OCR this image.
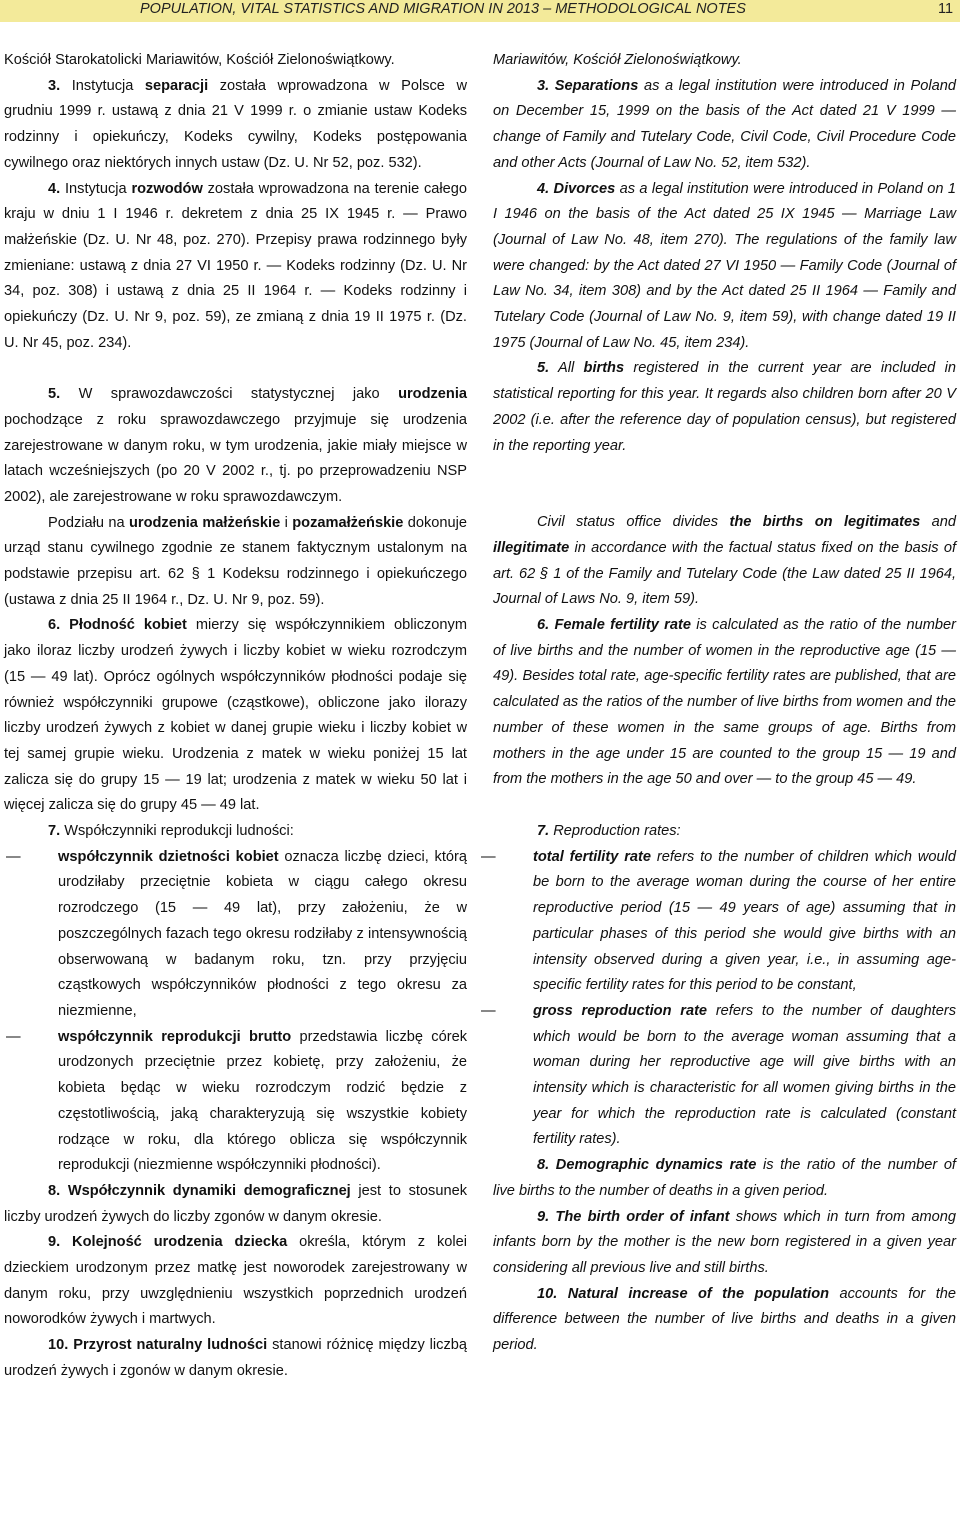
POPULATION, VITAL STATISTICS AND MIGRATION IN 2013 – METHODOLOGICAL NOTES	11

Kościół Starokatolicki Mariawitów, Kościół Zielonoświątkowy.

3. Instytucja separacji została wprowadzona w Polsce w grudniu 1999 r. ustawą z dnia 21 V 1999 r. o zmianie ustaw Kodeks rodzinny i opiekuńczy, Kodeks cywilny, Kodeks postępowania cywilnego oraz niektórych innych ustaw (Dz. U. Nr 52, poz. 532).

4. Instytucja rozwodów została wprowadzona na terenie całego kraju w dniu 1 I 1946 r. dekretem z dnia 25 IX 1945 r. ― Prawo małżeńskie (Dz. U. Nr 48, poz. 270). Przepisy prawa rodzinnego były zmieniane: ustawą z dnia 27 VI 1950 r. ― Kodeks rodzinny (Dz. U. Nr 34, poz. 308) i ustawą z dnia 25 II 1964 r. ― Kodeks rodzinny i opiekuńczy (Dz. U. Nr 9, poz. 59), ze zmianą z dnia 19 II 1975 r. (Dz. U. Nr 45, poz. 234).

5. W sprawozdawczości statystycznej jako urodzenia pochodzące z roku sprawozdawczego przyjmuje się urodzenia zarejestrowane w danym roku, w tym urodzenia, jakie miały miejsce w latach wcześniejszych (po 20 V 2002 r., tj. po przeprowadzeniu NSP 2002), ale zarejestrowane w roku sprawozdawczym.

Podziału na urodzenia małżeńskie i pozamałżeńskie dokonuje urząd stanu cywilnego zgodnie ze stanem faktycznym ustalonym na podstawie przepisu art. 62 § 1 Kodeksu rodzinnego i opiekuńczego (ustawa z dnia 25 II 1964 r., Dz. U. Nr 9, poz. 59).

6. Płodność kobiet mierzy się współczynnikiem obliczonym jako iloraz liczby urodzeń żywych i liczby kobiet w wieku rozrodczym (15 ― 49 lat). Oprócz ogólnych współczynników płodności podaje się również współczynniki grupowe (cząstkowe), obliczone jako ilorazy liczby urodzeń żywych z kobiet w danej grupie wieku i liczby kobiet w tej samej grupie wieku. Urodzenia z matek w wieku poniżej 15 lat zalicza się do grupy 15 ― 19 lat; urodzenia z matek w wieku 50 lat i więcej zalicza się do grupy 45 ― 49 lat.

7. Współczynniki reprodukcji ludności:

―	współczynnik dzietności kobiet oznacza liczbę dzieci, którą urodziłaby przeciętnie kobieta w ciągu całego okresu rozrodczego (15 ― 49 lat), przy założeniu, że w poszczególnych fazach tego okresu rodziłaby z intensywnością obserwowaną w badanym roku, tzn. przy przyjęciu cząstkowych współczynników płodności z tego okresu za niezmienne,

―	współczynnik reprodukcji brutto przedstawia liczbę córek urodzonych przeciętnie przez kobietę, przy założeniu, że kobieta będąc w wieku rozrodczym rodzić będzie z częstotliwością, jaką charakteryzują się wszystkie kobiety rodzące w roku, dla którego oblicza się współczynnik reprodukcji (niezmienne współczynniki płodności).

8. Współczynnik dynamiki demograficznej jest to stosunek liczby urodzeń żywych do liczby zgonów w danym okresie.

9. Kolejność urodzenia dziecka określa, którym z kolei dzieckiem urodzonym przez matkę jest noworodek zarejestrowany w danym roku, przy uwzględnieniu wszystkich poprzednich urodzeń noworodków żywych i martwych.

10. Przyrost naturalny ludności stanowi różnicę między liczbą urodzeń żywych i zgonów w danym okresie.

Mariawitów, Kościół Zielonoświątkowy.

3. Separations as a legal institution were introduced in Poland on December 15, 1999 on the basis of the Act dated 21 V 1999 ― change of Family and Tutelary Code, Civil Code, Civil Procedure Code and other Acts (Journal of Law No. 52, item 532).

4. Divorces as a legal institution were introduced in Poland on 1 I 1946 on the basis of the Act dated 25 IX 1945 ― Marriage Law (Journal of Law No. 48, item 270). The regulations of the family law were changed: by the Act dated 27 VI 1950 ― Family Code (Journal of Law No. 34, item 308) and by the Act dated 25 II 1964 ― Family and Tutelary Code (Journal of Law No. 9, item 59), with change dated 19 II 1975 (Journal of Law No. 45, item 234).

5. All births registered in the current year are included in statistical reporting for this year. It regards also children born after 20 V 2002 (i.e. after the reference day of population census), but registered in the reporting year.

Civil status office divides the births on legitimates and illegitimate in accordance with the factual status fixed on the basis of art. 62 § 1 of the Family and Tutelary Code (the Law dated 25 II 1964, Journal of Laws No. 9, item 59).

6. Female fertility rate is calculated as the ratio of the number of live births and the number of women in the reproductive age (15 ― 49). Besides total rate, age-specific fertility rates are published, that are calculated as the ratios of the number of live births from women and the number of these women in the same groups of age. Births from mothers in the age under 15 are counted to the group 15 ― 19 and from the mothers in the age 50 and over ― to the group 45 ― 49.

7. Reproduction rates:

―	total fertility rate refers to the number of children which would be born to the average woman during the course of her entire reproductive period (15 ― 49 years of age) assuming that in particular phases of this period she would give births with an intensity observed during a given year, i.e., in assuming age-specific fertility rates for this period to be constant,

―	gross reproduction rate refers to the number of daughters which would be born to the average woman assuming that a woman during her reproductive age will give births with an intensity which is characteristic for all women giving births in the year for which the reproduction rate is calculated (constant fertility rates).

8. Demographic dynamics rate is the ratio of the number of live births to the number of deaths in a given period.

9. The birth order of infant shows which in turn from among infants born by the mother is the new born registered in a given year considering all previous live and still births.

10. Natural increase of the population accounts for the difference between the number of live births and deaths in a given period.
